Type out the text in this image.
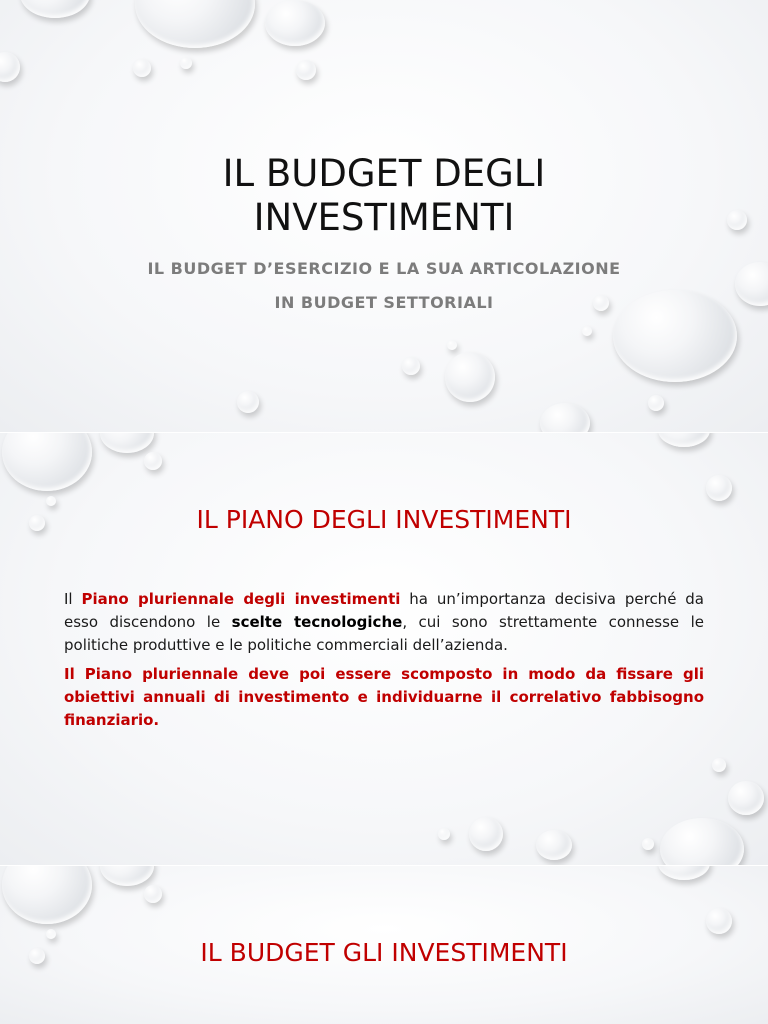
IL BUDGET DEGLI
INVESTIMENTI
IL BUDGET D’ESERCIZIO E LA SUA ARTICOLAZIONE
IN BUDGET SETTORIALI
IL PIANO DEGLI INVESTIMENTI

Il Piano pluriennale degli investimenti ha un’importanza decisiva perché da esso discendono le scelte tecnologiche, cui sono strettamente connesse le politiche produttive e le politiche commerciali dell’azienda.

Il Piano pluriennale deve poi essere scomposto in modo da fissare gli obiettivi annuali di investimento e individuarne il correlativo fabbisogno finanziario.

IL BUDGET GLI INVESTIMENTI
